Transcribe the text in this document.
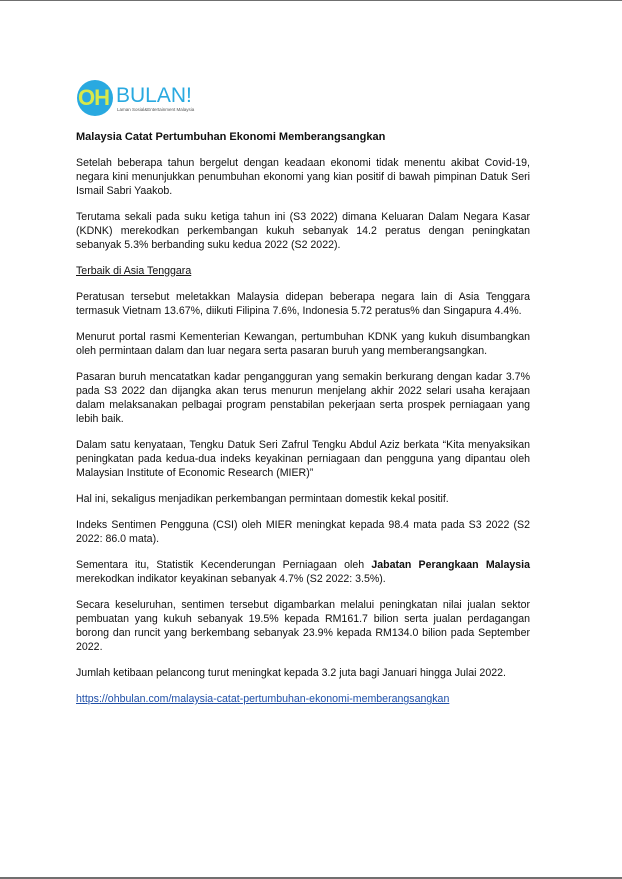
OH BULAN!
Laman Sosial&Entertainment Malaysia
Malaysia Catat Pertumbuhan Ekonomi Memberangsangkan

Setelah beberapa tahun bergelut dengan keadaan ekonomi tidak menentu akibat Covid-19, negara kini menunjukkan penumbuhan ekonomi yang kian positif di bawah pimpinan Datuk Seri Ismail Sabri Yaakob.

Terutama sekali pada suku ketiga tahun ini (S3 2022) dimana Keluaran Dalam Negara Kasar (KDNK) merekodkan perkembangan kukuh sebanyak 14.2 peratus dengan peningkatan sebanyak 5.3% berbanding suku kedua 2022 (S2 2022).

Terbaik di Asia Tenggara

Peratusan tersebut meletakkan Malaysia didepan beberapa negara lain di Asia Tenggara termasuk Vietnam 13.67%, diikuti Filipina 7.6%, Indonesia 5.72 peratus% dan Singapura 4.4%.

Menurut portal rasmi Kementerian Kewangan, pertumbuhan KDNK yang kukuh disumbangkan oleh permintaan dalam dan luar negara serta pasaran buruh yang memberangsangkan.

Pasaran buruh mencatatkan kadar pengangguran yang semakin berkurang dengan kadar 3.7% pada S3 2022 dan dijangka akan terus menurun menjelang akhir 2022 selari usaha kerajaan dalam melaksanakan pelbagai program penstabilan pekerjaan serta prospek perniagaan yang lebih baik.

Dalam satu kenyataan, Tengku Datuk Seri Zafrul Tengku Abdul Aziz berkata “Kita menyaksikan peningkatan pada kedua-dua indeks keyakinan perniagaan dan pengguna yang dipantau oleh Malaysian Institute of Economic Research (MIER)”

Hal ini, sekaligus menjadikan perkembangan permintaan domestik kekal positif.

Indeks Sentimen Pengguna (CSI) oleh MIER meningkat kepada 98.4 mata pada S3 2022 (S2 2022: 86.0 mata).

Sementara itu, Statistik Kecenderungan Perniagaan oleh Jabatan Perangkaan Malaysia merekodkan indikator keyakinan sebanyak 4.7% (S2 2022: 3.5%).

Secara keseluruhan, sentimen tersebut digambarkan melalui peningkatan nilai jualan sektor pembuatan yang kukuh sebanyak 19.5% kepada RM161.7 bilion serta jualan perdagangan borong dan runcit yang berkembang sebanyak 23.9% kepada RM134.0 bilion pada September 2022.

Jumlah ketibaan pelancong turut meningkat kepada 3.2 juta bagi Januari hingga Julai 2022.

https://ohbulan.com/malaysia-catat-pertumbuhan-ekonomi-memberangsangkan
